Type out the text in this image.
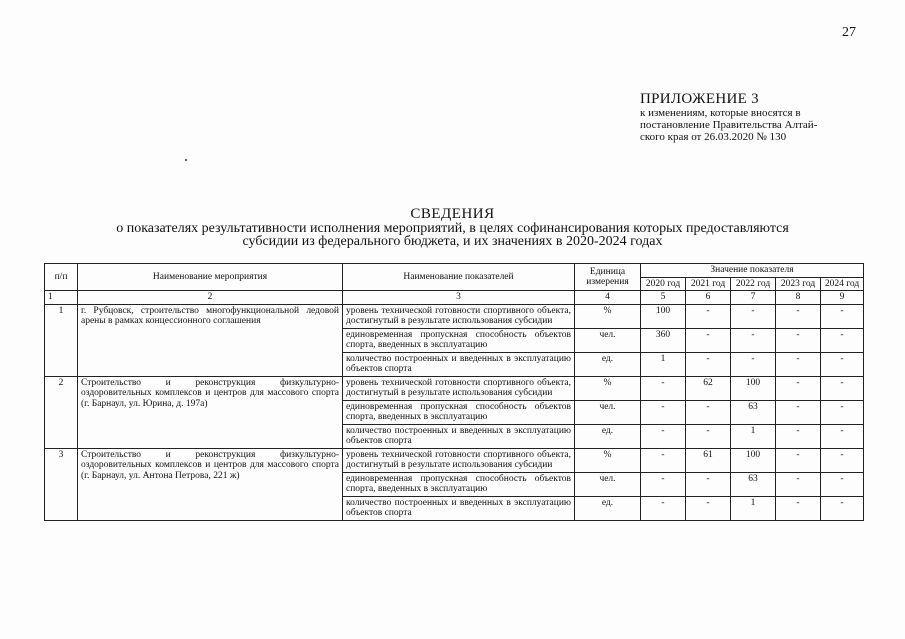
27
ПРИЛОЖЕНИЕ 3
к изменениям, которые вносятся в
постановление Правительства Алтай-
ского края от 26.03.2020 № 130
СВЕДЕНИЯ
о показателях результативности исполнения мероприятий, в целях софинансирования которых предоставляются
субсидии из федерального бюджета, и их значениях в 2020-2024 годах
п/п	Наименование мероприятия	Наименование показателей	Единица измерения	Значение показателя				
				2020 год	2021 год	2022 год	2023 год	2024 год
1	2	3	4	5	6	7	8	9
1	г. Рубцовск, строительство многофункциональной ледовой арены в рамках концессионного соглашения	уровень технической готовности спортивного объекта, достигнутый в результате использования субсидии	%	100	-	-	-	-
		единовременная пропускная способность объектов спорта, введенных в эксплуатацию	чел.	360	-	-	-	-
		количество построенных и введенных в эксплуатацию объектов спорта	ед.	1	-	-	-	-
2	Строительство и реконструкция физкультурно-оздоровительных комплексов и центров для массового спорта (г. Барнаул, ул. Юрина, д. 197а)	уровень технической готовности спортивного объекта, достигнутый в результате использования субсидии	%	-	62	100	-	-
		единовременная пропускная способность объектов спорта, введенных в эксплуатацию	чел.	-	-	63	-	-
		количество построенных и введенных в эксплуатацию объектов спорта	ед.	-	-	1	-	-
3	Строительство и реконструкция физкультурно-оздоровительных комплексов и центров для массового спорта (г. Барнаул, ул. Антона Петрова, 221 ж)	уровень технической готовности спортивного объекта, достигнутый в результате использования субсидии	%	-	61	100	-	-
		единовременная пропускная способность объектов спорта, введенных в эксплуатацию	чел.	-	-	63	-	-
		количество построенных и введенных в эксплуатацию объектов спорта	ед.	-	-	1	-	-
